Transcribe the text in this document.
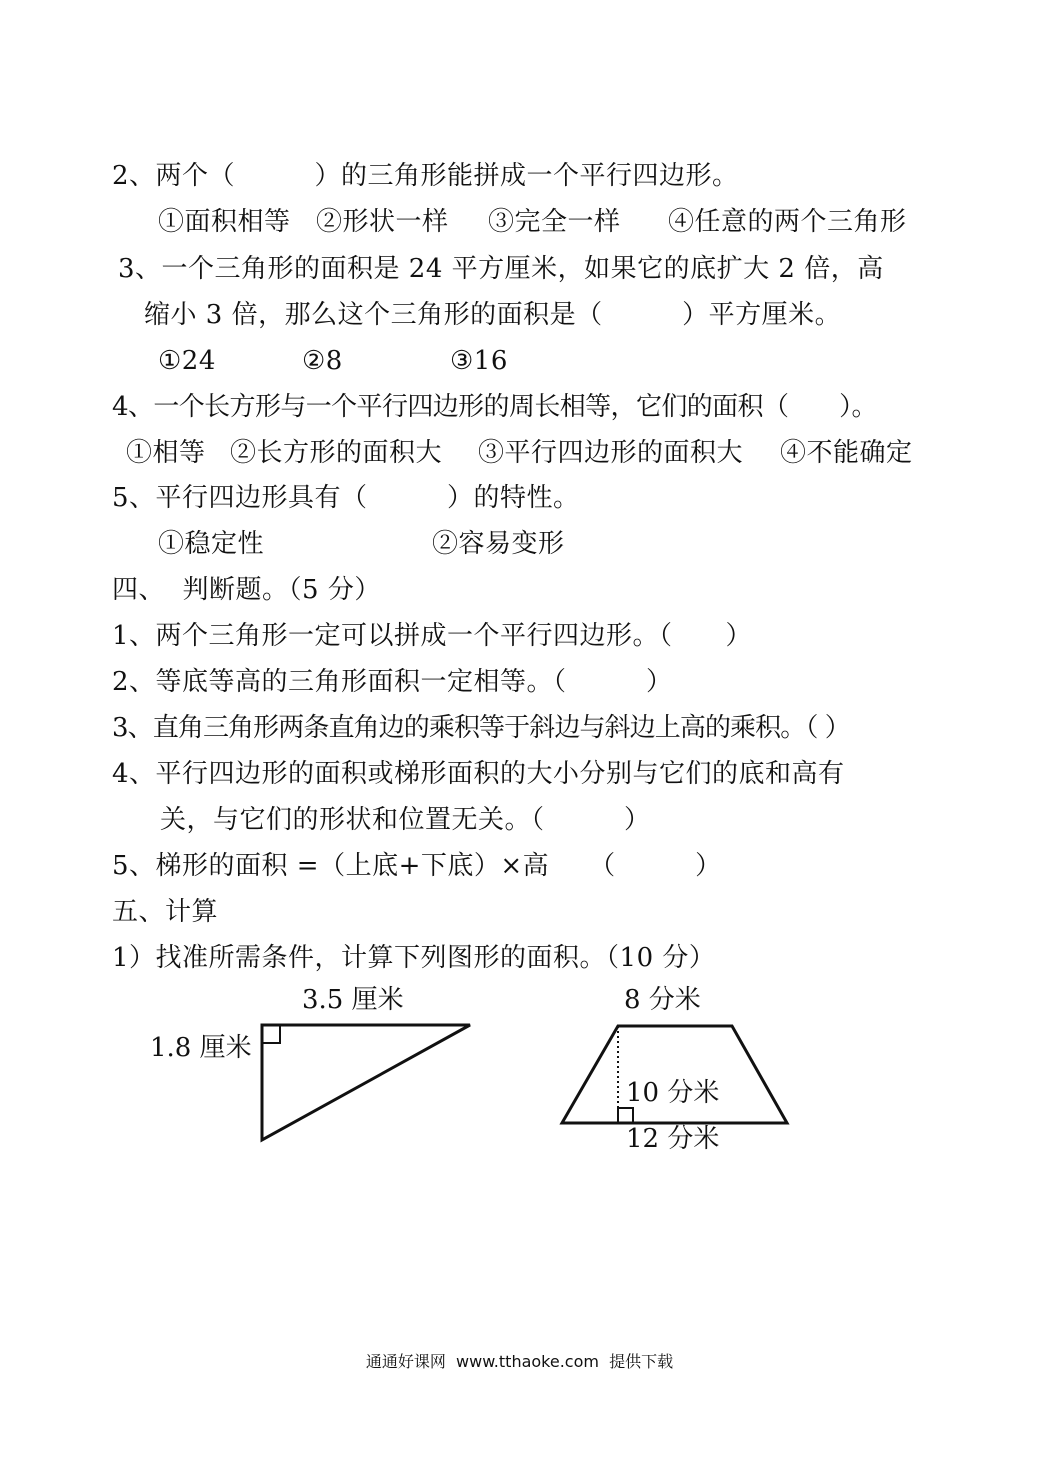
2、两个（　　　）的三角形能拼成一个平行四边形。
①面积相等 ②形状一样 ③完全一样 ④任意的两个三角形
3、一个三角形的面积是 24 平方厘米，如果它的底扩大 2 倍，高
缩小 3 倍，那么这个三角形的面积是（　　　）平方厘米。
①24	②8	③16
4、一个长方形与一个平行四边形的周长相等，它们的面积（　　）。
①相等 ②长方形的面积大 ③平行四边形的面积大 ④不能确定
5、平行四边形具有（　　　）的特性。
①稳定性	②容易变形
四、  判断题。（5 分）
1、两个三角形一定可以拼成一个平行四边形。（　　）
2、等底等高的三角形面积一定相等。（　　　）
3、直角三角形两条直角边的乘积等于斜边与斜边上高的乘积。（ ）
4、平行四边形的面积或梯形面积的大小分别与它们的底和高有
关，与它们的形状和位置无关。（　　　）
5、梯形的面积 =（上底+下底）×高　　（　　　）
五、计算
1）找准所需条件，计算下列图形的面积。（10 分）
3.5 厘米
1.8 厘米
8 分米
10 分米
12 分米
通通好课网  www.tthaoke.com  提供下载
